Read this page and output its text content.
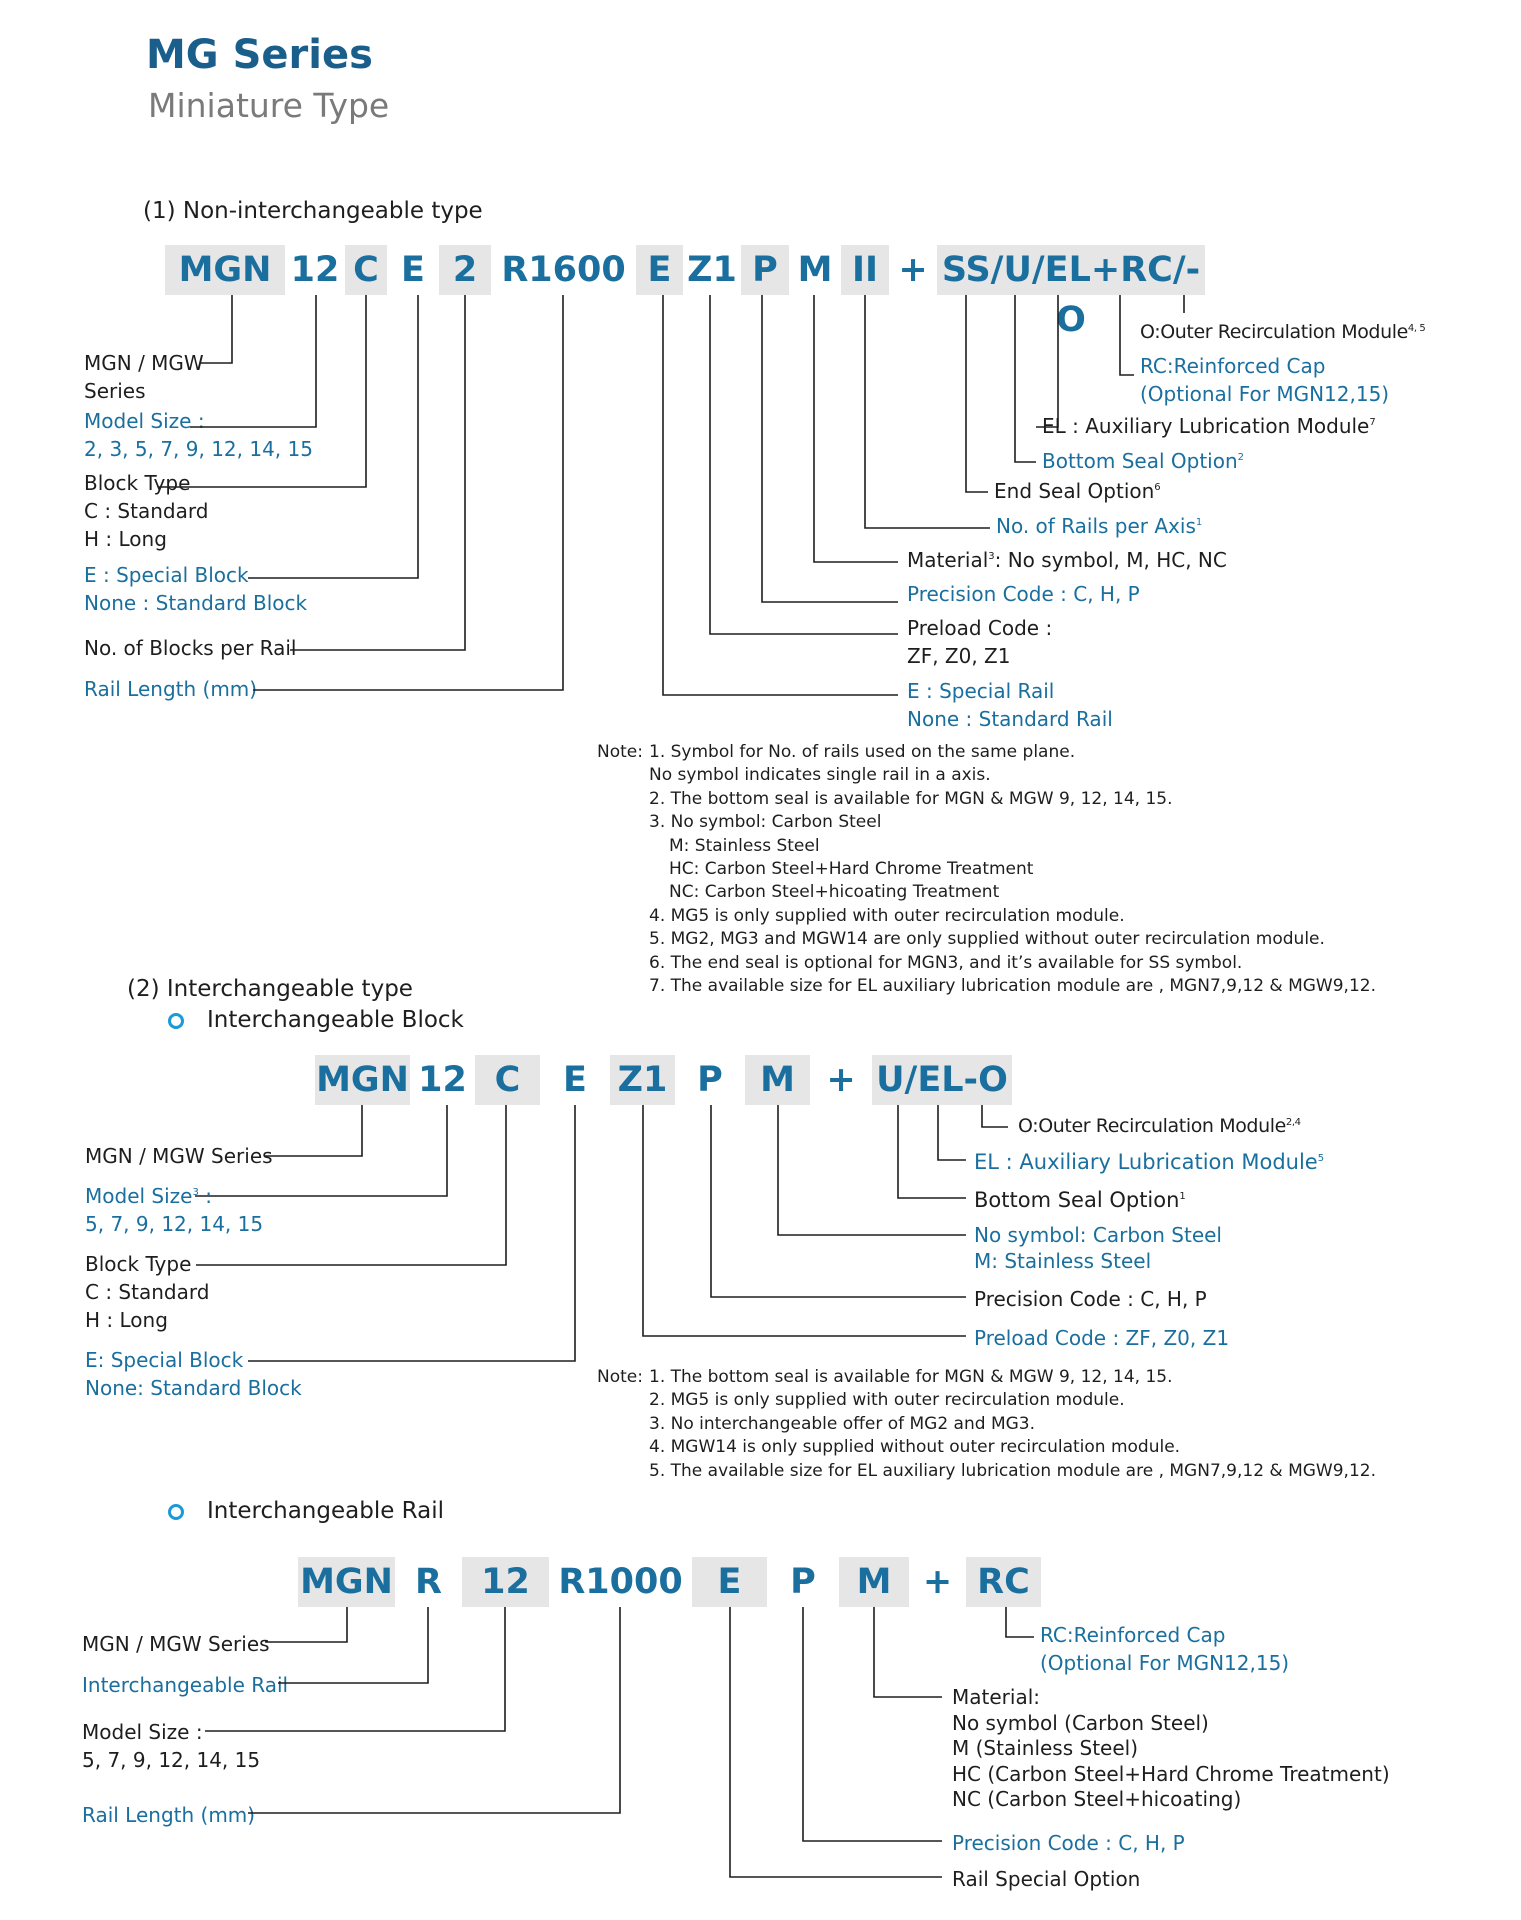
MG Series
Miniature Type
(1) Non-interchangeable type
MGN 12 C E 2 R1600 E Z1 P M II + SS/U/EL+RC/-O
MGN / MGW
Series
Model Size :
2, 3, 5, 7, 9, 12, 14, 15
Block Type
C : Standard
H : Long
E : Special Block
None : Standard Block
No. of Blocks per Rail
Rail Length (mm)
O:Outer Recirculation Module$^{4, 5}$
RC:Reinforced Cap
(Optional For MGN12,15)
EL : Auxiliary Lubrication Module$^7$
Bottom Seal Option$^2$
End Seal Option$^6$
No. of Rails per Axis$^1$
Material$^3$: No symbol, M, HC, NC
Precision Code : C, H, P
Preload Code :
ZF, Z0, Z1
E : Special Rail
None : Standard Rail
Note: 1. Symbol for No. of rails used on the same plane.
No symbol indicates single rail in a axis.
2. The bottom seal is available for MGN & MGW 9, 12, 14, 15.
3. No symbol: Carbon Steel
M: Stainless Steel
HC: Carbon Steel+Hard Chrome Treatment
NC: Carbon Steel+hicoating Treatment
4. MG5 is only supplied with outer recirculation module.
5. MG2, MG3 and MGW14 are only supplied without outer recirculation module.
6. The end seal is optional for MGN3, and it’s available for SS symbol.
7. The available size for EL auxiliary lubrication module are , MGN7,9,12 & MGW9,12.
(2) Interchangeable type
Interchangeable Block
MGN 12 C	E Z1 P	M + U/EL-O
MGN / MGW Series
Model Size$^3$ :
5, 7, 9, 12, 14, 15
Block Type
C : Standard
H : Long
E: Special Block
None: Standard Block
O:Outer Recirculation Module$^{2,4}$
EL : Auxiliary Lubrication Module$^5$
Bottom Seal Option$^1$
No symbol: Carbon Steel
M: Stainless Steel
Precision Code : C, H, P
Preload Code : ZF, Z0, Z1
Note: 1. The bottom seal is available for MGN & MGW 9, 12, 14, 15.
2. MG5 is only supplied with outer recirculation module.
3. No interchangeable offer of MG2 and MG3.
4. MGW14 is only supplied without outer recirculation module.
5. The available size for EL auxiliary lubrication module are , MGN7,9,12 & MGW9,12.
Interchangeable Rail
MGN R	12 R1000 E	P	M + RC
MGN / MGW Series
Interchangeable Rail
Model Size :
5, 7, 9, 12, 14, 15
Rail Length (mm)
RC:Reinforced Cap
(Optional For MGN12,15)
Material:
No symbol (Carbon Steel)
M (Stainless Steel)
HC (Carbon Steel+Hard Chrome Treatment)
NC (Carbon Steel+hicoating)
Precision Code : C, H, P
Rail Special Option
